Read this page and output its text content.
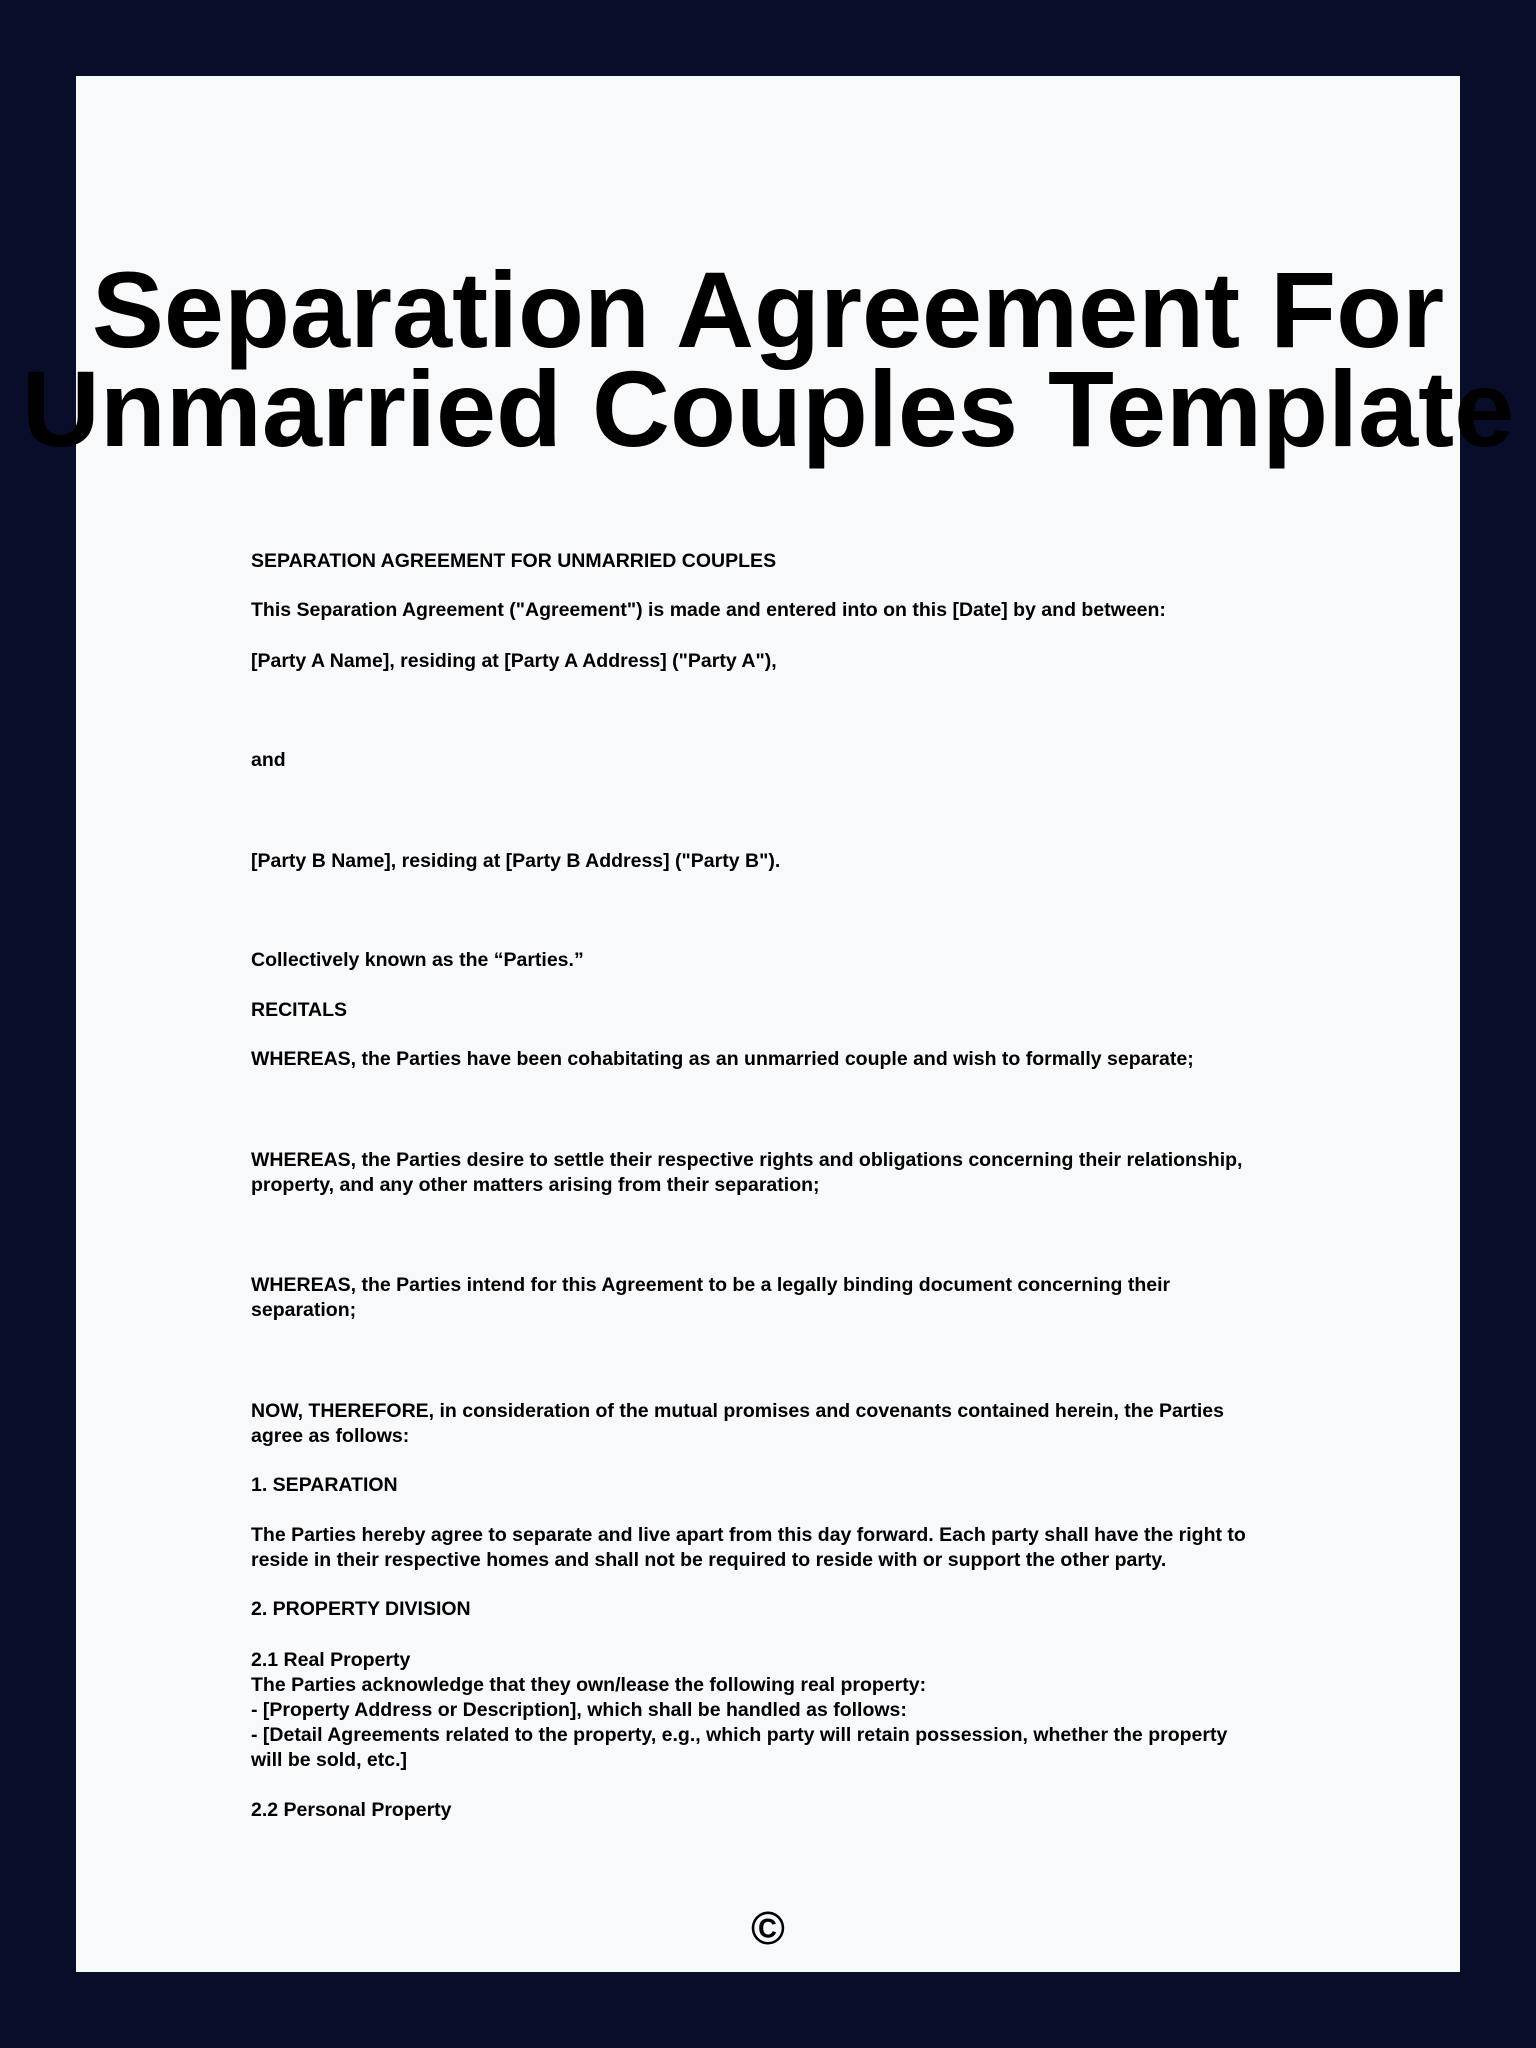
Separation Agreement For
Unmarried Couples Template
SEPARATION AGREEMENT FOR UNMARRIED COUPLES
This Separation Agreement ("Agreement") is made and entered into on this [Date] by and between:
[Party A Name], residing at [Party A Address] ("Party A"),
and
[Party B Name], residing at [Party B Address] ("Party B").
Collectively known as the “Parties.”
RECITALS
WHEREAS, the Parties have been cohabitating as an unmarried couple and wish to formally separate;
WHEREAS, the Parties desire to settle their respective rights and obligations concerning their relationship,
property, and any other matters arising from their separation;
WHEREAS, the Parties intend for this Agreement to be a legally binding document concerning their
separation;
NOW, THEREFORE, in consideration of the mutual promises and covenants contained herein, the Parties
agree as follows:
1. SEPARATION
The Parties hereby agree to separate and live apart from this day forward. Each party shall have the right to
reside in their respective homes and shall not be required to reside with or support the other party.
2. PROPERTY DIVISION
2.1 Real Property
The Parties acknowledge that they own/lease the following real property:
- [Property Address or Description], which shall be handled as follows:
- [Detail Agreements related to the property, e.g., which party will retain possession, whether the property
will be sold, etc.]
2.2 Personal Property
©
